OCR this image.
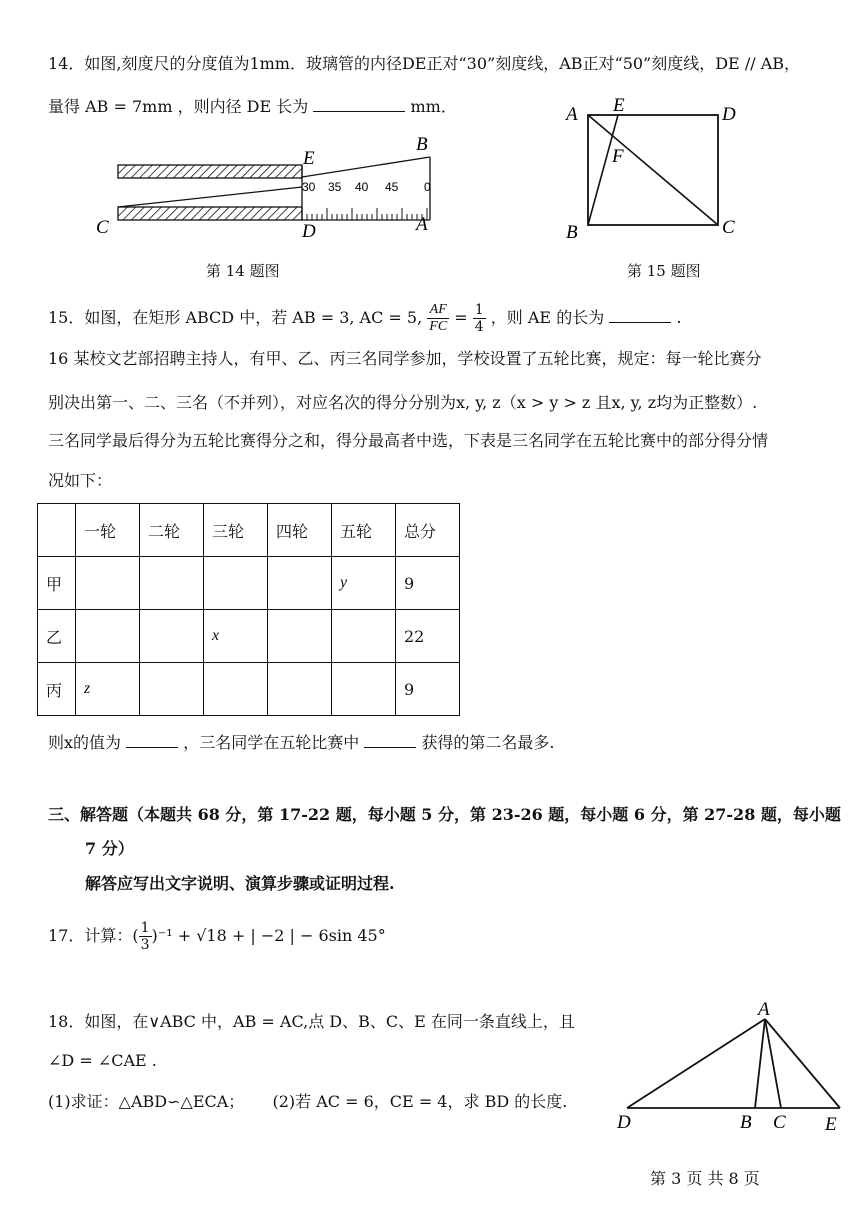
14．如图,刻度尺的分度值为1mm．玻璃管的内径DE正对“30”刻度线，AB正对“50”刻度线，DE // AB，
量得 AB = 7mm ，则内径 DE 长为	mm．
30 35 40 45 0
E
B
C	D	A
第 14 题图
A E	D
F
B	C
第 15 题图
15．如图，在矩形 ABCD 中，若 AB = 3, AC = 5, $\frac{AF}{FC} = \frac{1}{4}$ ，则 AE 的长为	.
16 某校文艺部招聘主持人，有甲、乙、丙三名同学参加，学校设置了五轮比赛，规定：每一轮比赛分
别决出第一、二、三名（不并列），对应名次的得分分别为x, y, z（x > y > z 且x, y, z均为正整数）.
三名同学最后得分为五轮比赛得分之和，得分最高者中选，下表是三名同学在五轮比赛中的部分得分情
况如下：
	一轮	二轮	三轮	四轮	五轮	总分
甲					y	9
乙			x			22
丙	z					9
则x的值为	，三名同学在五轮比赛中	获得的第二名最多.
三、解答题（本题共 68 分，第 17-22 题，每小题 5 分，第 23-26 题，每小题 6 分，第 27-28 题，每小题
7 分）
解答应写出文字说明、演算步骤或证明过程.
17．计算：( $\frac{1}{3} )^{-1} + √18$ + | −2 | − 6sin 45°
18．如图，在∨ABC 中，AB = AC,点 D、B、C、E 在同一条直线上，且
∠D = ∠CAE .
(1)求证：△ABD∽△ECA； (2)若 AC = 6，CE = 4，求 BD 的长度.
A
D	B C E
第 3 页 共 8 页
